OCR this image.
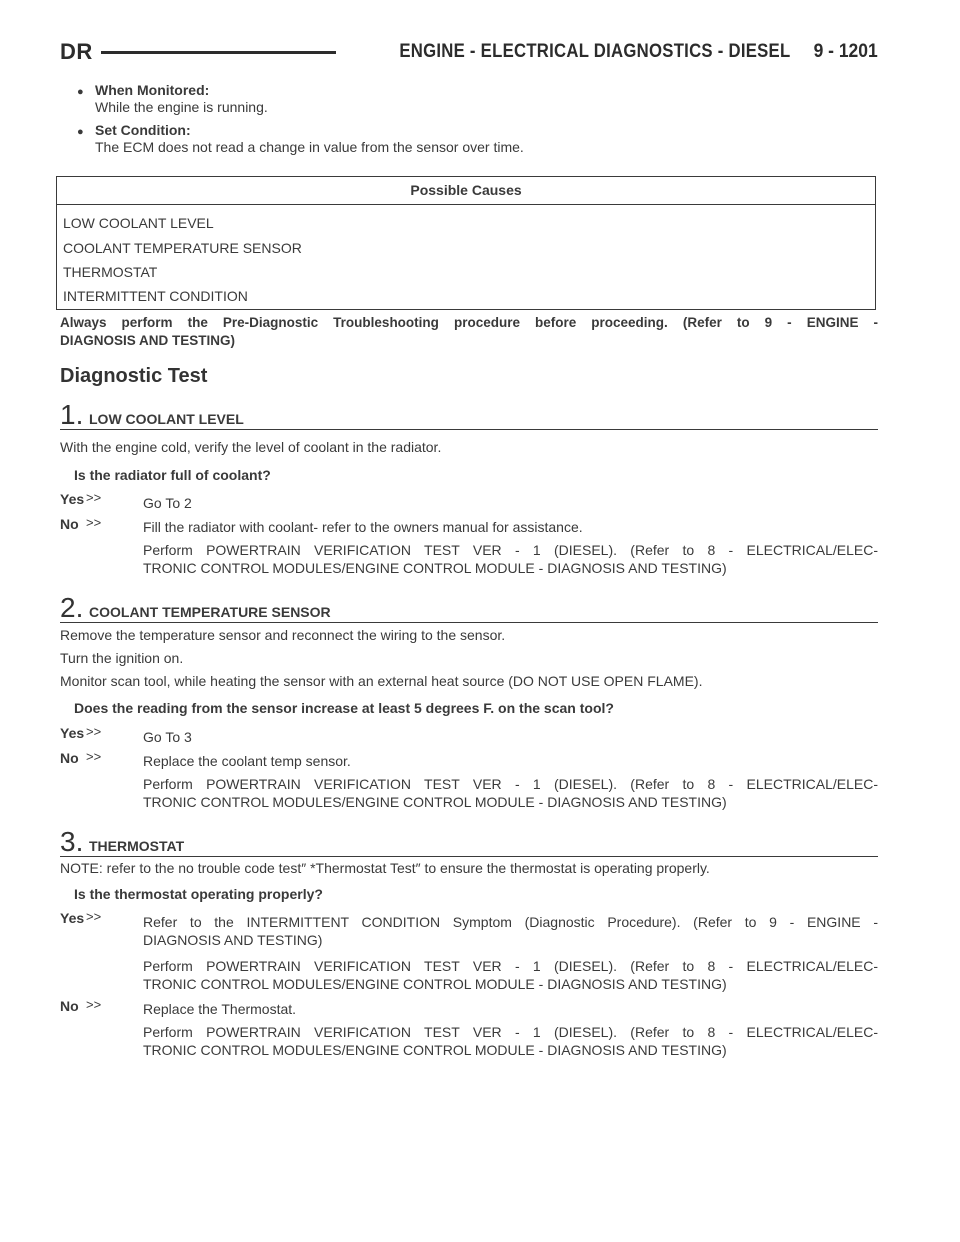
DR	ENGINE - ELECTRICAL DIAGNOSTICS - DIESEL 9 - 1201
● When Monitored:
While the engine is running.
● Set Condition:
The ECM does not read a change in value from the sensor over time.
Possible Causes
LOW COOLANT LEVEL
COOLANT TEMPERATURE SENSOR
THERMOSTAT
INTERMITTENT CONDITION
Always perform the Pre-Diagnostic Troubleshooting procedure before proceeding. (Refer to 9 - ENGINE -
DIAGNOSIS AND TESTING)
Diagnostic Test
1. LOW COOLANT LEVEL
With the engine cold, verify the level of coolant in the radiator.
Is the radiator full of coolant?
Yes >>	Go To 2
No >>	Fill the radiator with coolant- refer to the owners manual for assistance.
Perform POWERTRAIN VERIFICATION TEST VER - 1 (DIESEL). (Refer to 8 - ELECTRICAL/ELEC-
TRONIC CONTROL MODULES/ENGINE CONTROL MODULE - DIAGNOSIS AND TESTING)
2. COOLANT TEMPERATURE SENSOR
Remove the temperature sensor and reconnect the wiring to the sensor.
Turn the ignition on.
Monitor scan tool, while heating the sensor with an external heat source (DO NOT USE OPEN FLAME).
Does the reading from the sensor increase at least 5 degrees F. on the scan tool?
Yes >>	Go To 3
No >>	Replace the coolant temp sensor.
Perform POWERTRAIN VERIFICATION TEST VER - 1 (DIESEL). (Refer to 8 - ELECTRICAL/ELEC-
TRONIC CONTROL MODULES/ENGINE CONTROL MODULE - DIAGNOSIS AND TESTING)
3. THERMOSTAT
NOTE: refer to the no trouble code test″ *Thermostat Test″ to ensure the thermostat is operating properly.
Is the thermostat operating properly?
Yes >>	Refer to the INTERMITTENT CONDITION Symptom (Diagnostic Procedure). (Refer to 9 - ENGINE -
DIAGNOSIS AND TESTING)
Perform POWERTRAIN VERIFICATION TEST VER - 1 (DIESEL). (Refer to 8 - ELECTRICAL/ELEC-
TRONIC CONTROL MODULES/ENGINE CONTROL MODULE - DIAGNOSIS AND TESTING)
No >>	Replace the Thermostat.
Perform POWERTRAIN VERIFICATION TEST VER - 1 (DIESEL). (Refer to 8 - ELECTRICAL/ELEC-
TRONIC CONTROL MODULES/ENGINE CONTROL MODULE - DIAGNOSIS AND TESTING)
